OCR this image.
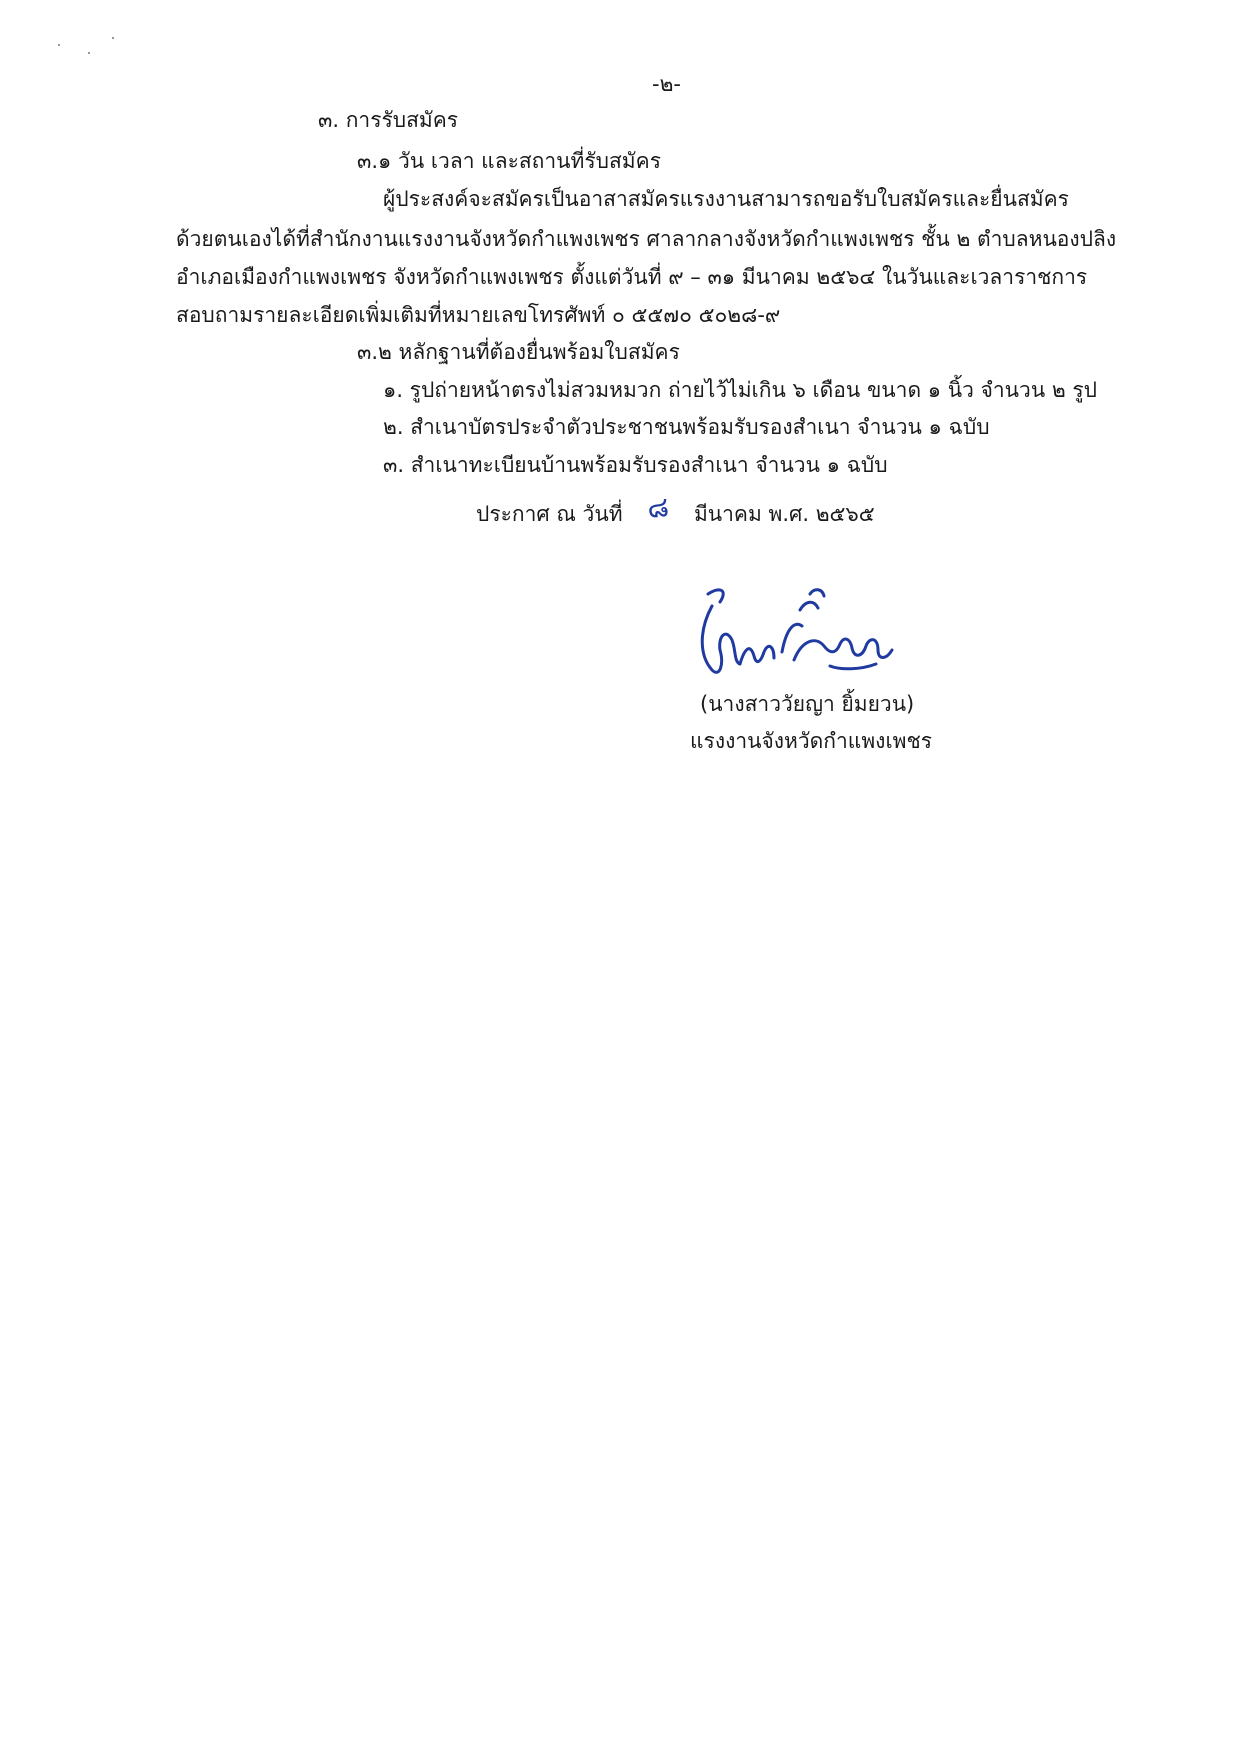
-๒-
๓. การรับสมัคร
๓.๑ วัน เวลา และสถานที่รับสมัคร
ผู้ประสงค์จะสมัครเป็นอาสาสมัครแรงงานสามารถขอรับใบสมัครและยื่นสมัคร
ด้วยตนเองได้ที่สำนักงานแรงงานจังหวัดกำแพงเพชร ศาลากลางจังหวัดกำแพงเพชร ชั้น ๒ ตำบลหนองปลิง
อำเภอเมืองกำแพงเพชร จังหวัดกำแพงเพชร ตั้งแต่วันที่ ๙ – ๓๑ มีนาคม ๒๕๖๔ ในวันและเวลาราชการ
สอบถามรายละเอียดเพิ่มเติมที่หมายเลขโทรศัพท์ ๐ ๕๕๗๐ ๕๐๒๘-๙
๓.๒ หลักฐานที่ต้องยื่นพร้อมใบสมัคร
๑. รูปถ่ายหน้าตรงไม่สวมหมวก ถ่ายไว้ไม่เกิน ๖ เดือน ขนาด ๑ นิ้ว จำนวน ๒ รูป
๒. สำเนาบัตรประจำตัวประชาชนพร้อมรับรองสำเนา จำนวน ๑ ฉบับ
๓. สำเนาทะเบียนบ้านพร้อมรับรองสำเนา จำนวน ๑ ฉบับ
ประกาศ ณ วันที่ ๘ มีนาคม พ.ศ. ๒๕๖๕
(นางสาววัยญา ยิ้มยวน)
แรงงานจังหวัดกำแพงเพชร
